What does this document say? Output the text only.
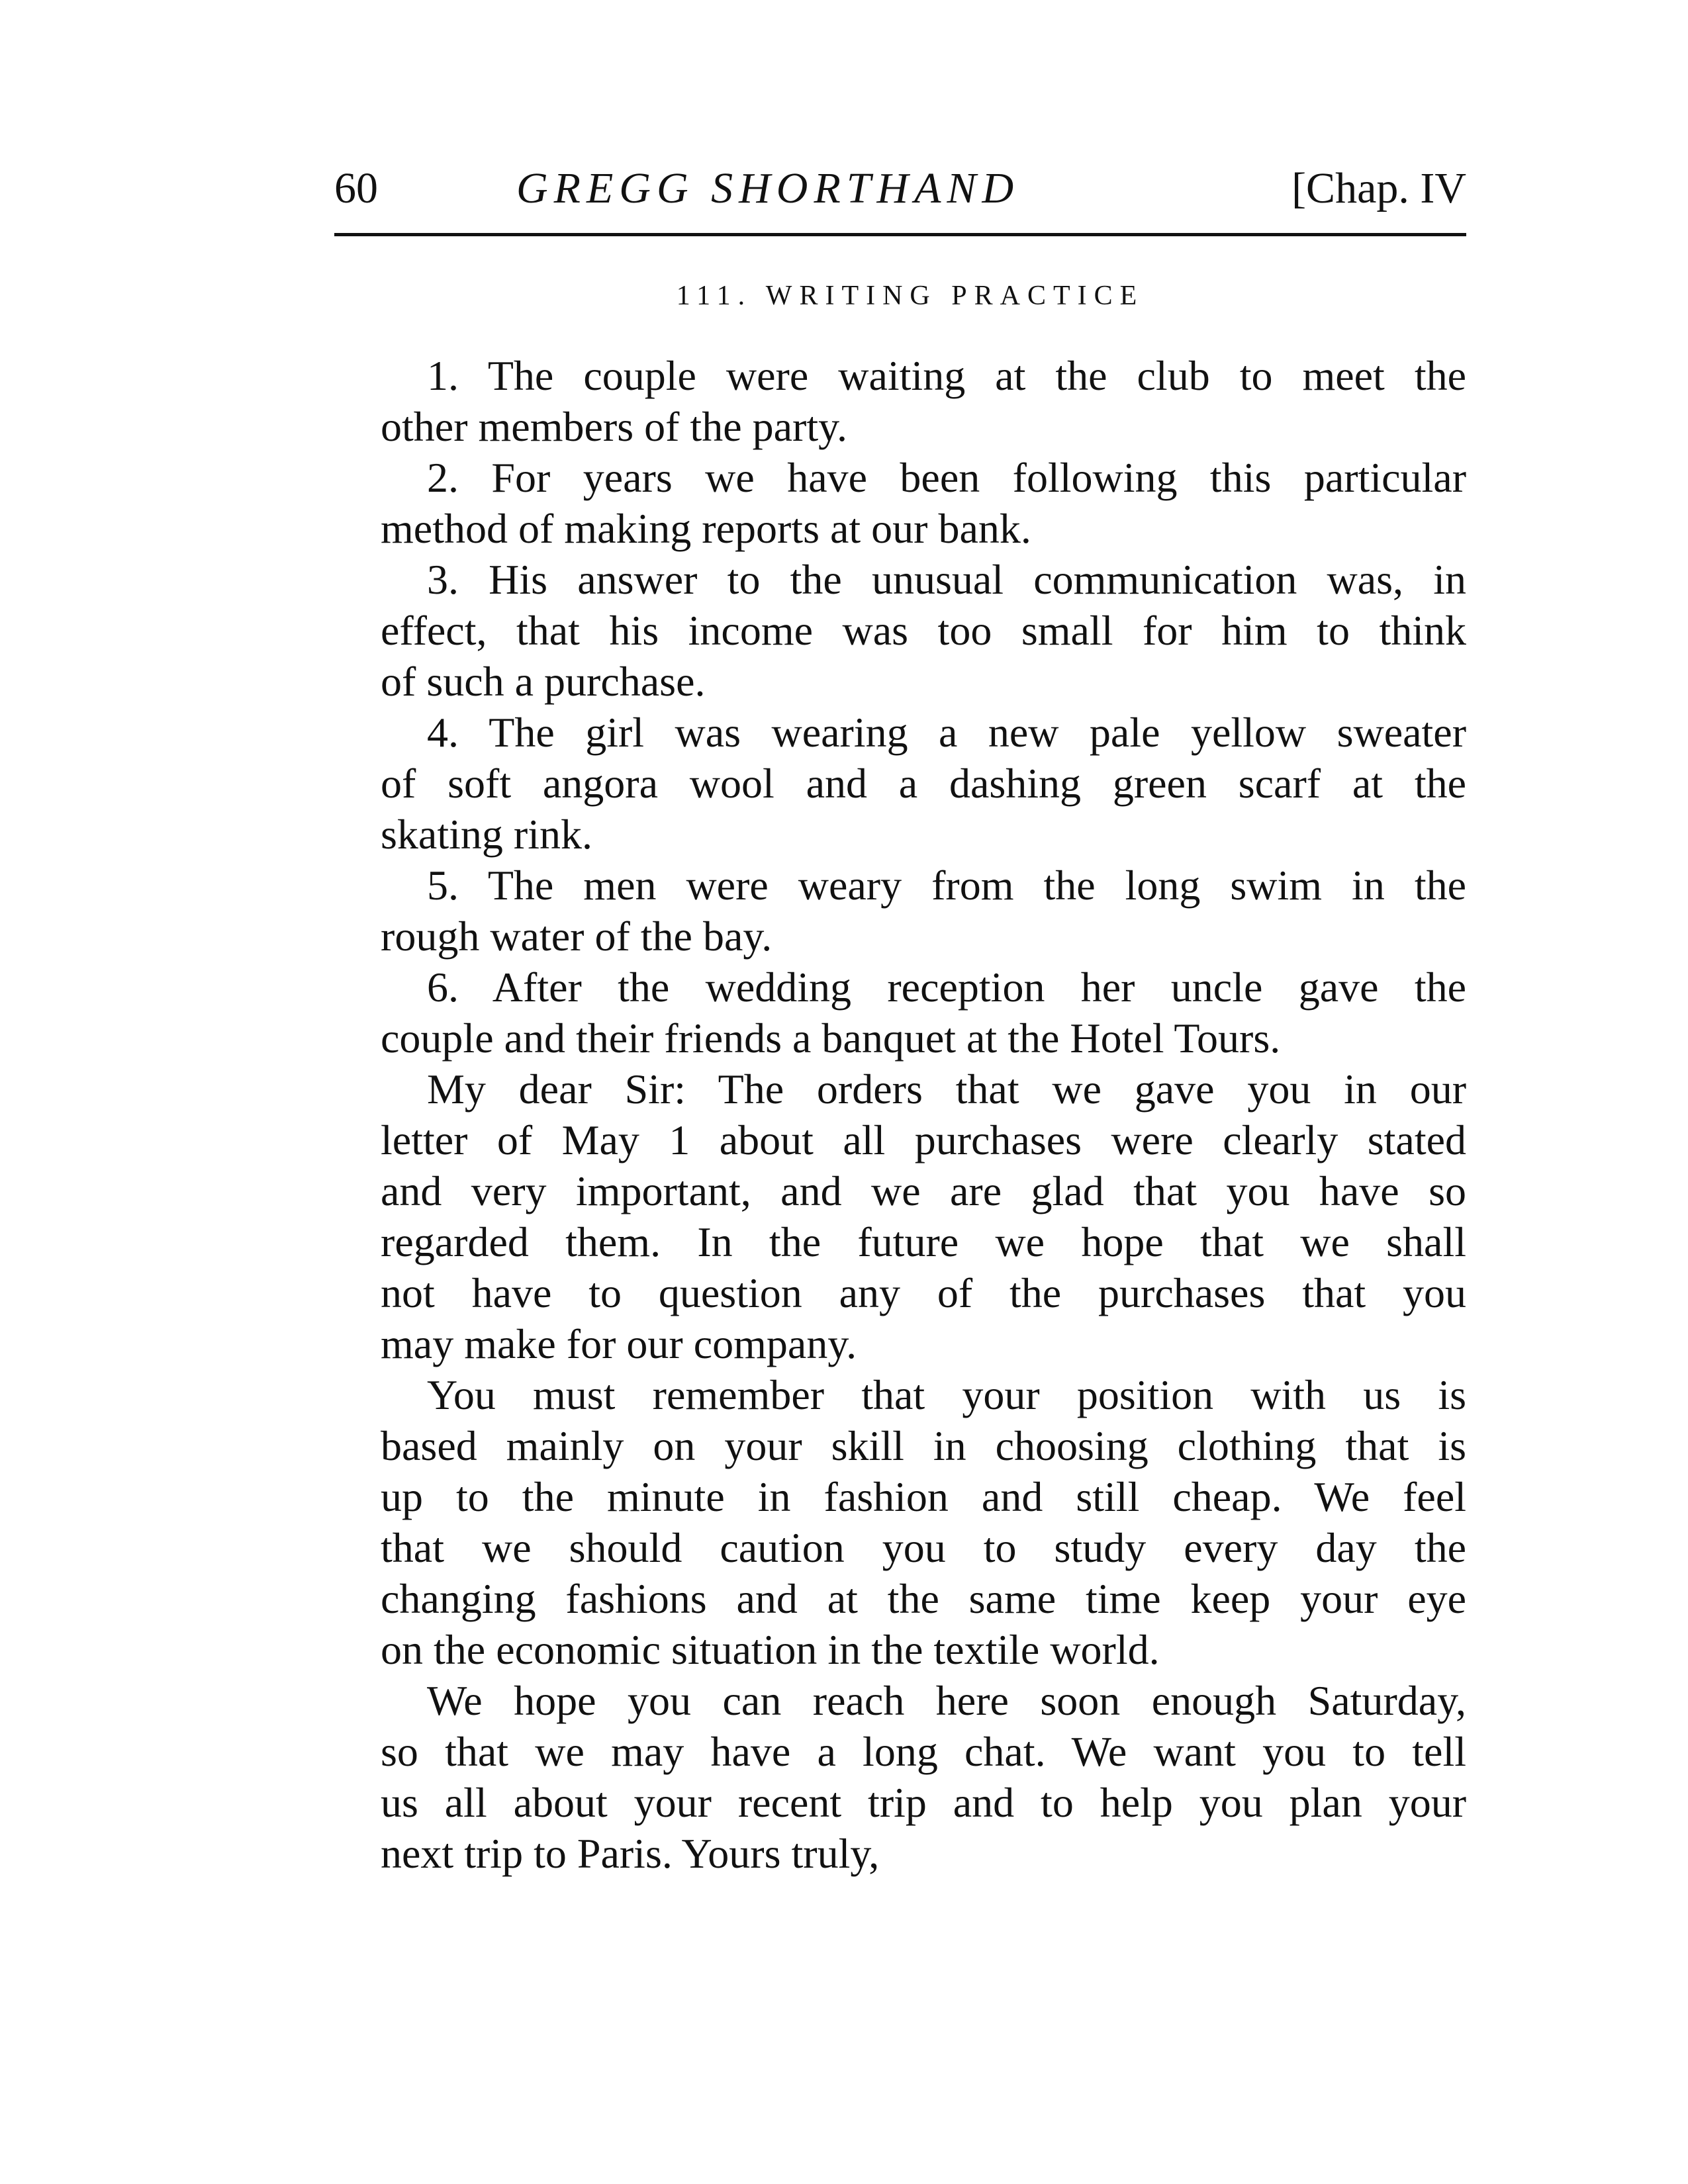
60	GREGG SHORTHAND	[Chap. IV
111. WRITING PRACTICE
1. The couple were waiting at the club to meet the
other members of the party.
2. For years we have been following this particular
method of making reports at our bank.
3. His answer to the unusual communication was, in
effect, that his income was too small for him to think
of such a purchase.
4. The girl was wearing a new pale yellow sweater
of soft angora wool and a dashing green scarf at the
skating rink.
5. The men were weary from the long swim in the
rough water of the bay.
6. After the wedding reception her uncle gave the
couple and their friends a banquet at the Hotel Tours.
My dear Sir: The orders that we gave you in our
letter of May 1 about all purchases were clearly stated
and very important, and we are glad that you have so
regarded them. In the future we hope that we shall
not have to question any of the purchases that you
may make for our company.
You must remember that your position with us is
based mainly on your skill in choosing clothing that is
up to the minute in fashion and still cheap. We feel
that we should caution you to study every day the
changing fashions and at the same time keep your eye
on the economic situation in the textile world.
We hope you can reach here soon enough Saturday,
so that we may have a long chat. We want you to tell
us all about your recent trip and to help you plan your
next trip to Paris. Yours truly,
